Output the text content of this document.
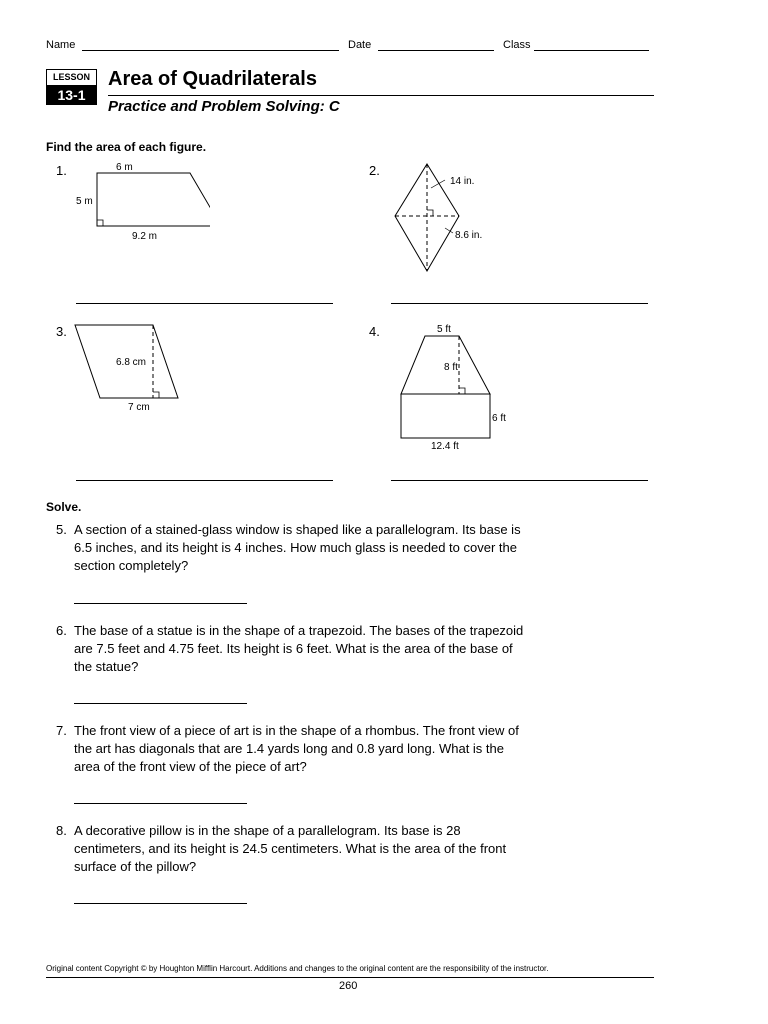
Name	Date	Class
LESSON
13-1
Area of Quadrilaterals
Practice and Problem Solving: C
Find the area of each figure.
1.	2.
3.	4.
6 m
5 m
9.2 m
14 in.
8.6 in.
6.8 cm
7 cm
5 ft
8 ft
6 ft
12.4 ft
Solve.
5. A section of a stained-glass window is shaped like a parallelogram. Its base is 6.5 inches, and its height is 4 inches. How much glass is needed to cover the section completely?
6. The base of a statue is in the shape of a trapezoid. The bases of the trapezoid are 7.5 feet and 4.75 feet. Its height is 6 feet. What is the area of the base of the statue?
7. The front view of a piece of art is in the shape of a rhombus. The front view of the art has diagonals that are 1.4 yards long and 0.8 yard long. What is the area of the front view of the piece of art?
8. A decorative pillow is in the shape of a parallelogram. Its base is 28 centimeters, and its height is 24.5 centimeters. What is the area of the front surface of the pillow?
Original content Copyright © by Houghton Mifflin Harcourt. Additions and changes to the original content are the responsibility of the instructor.
260
